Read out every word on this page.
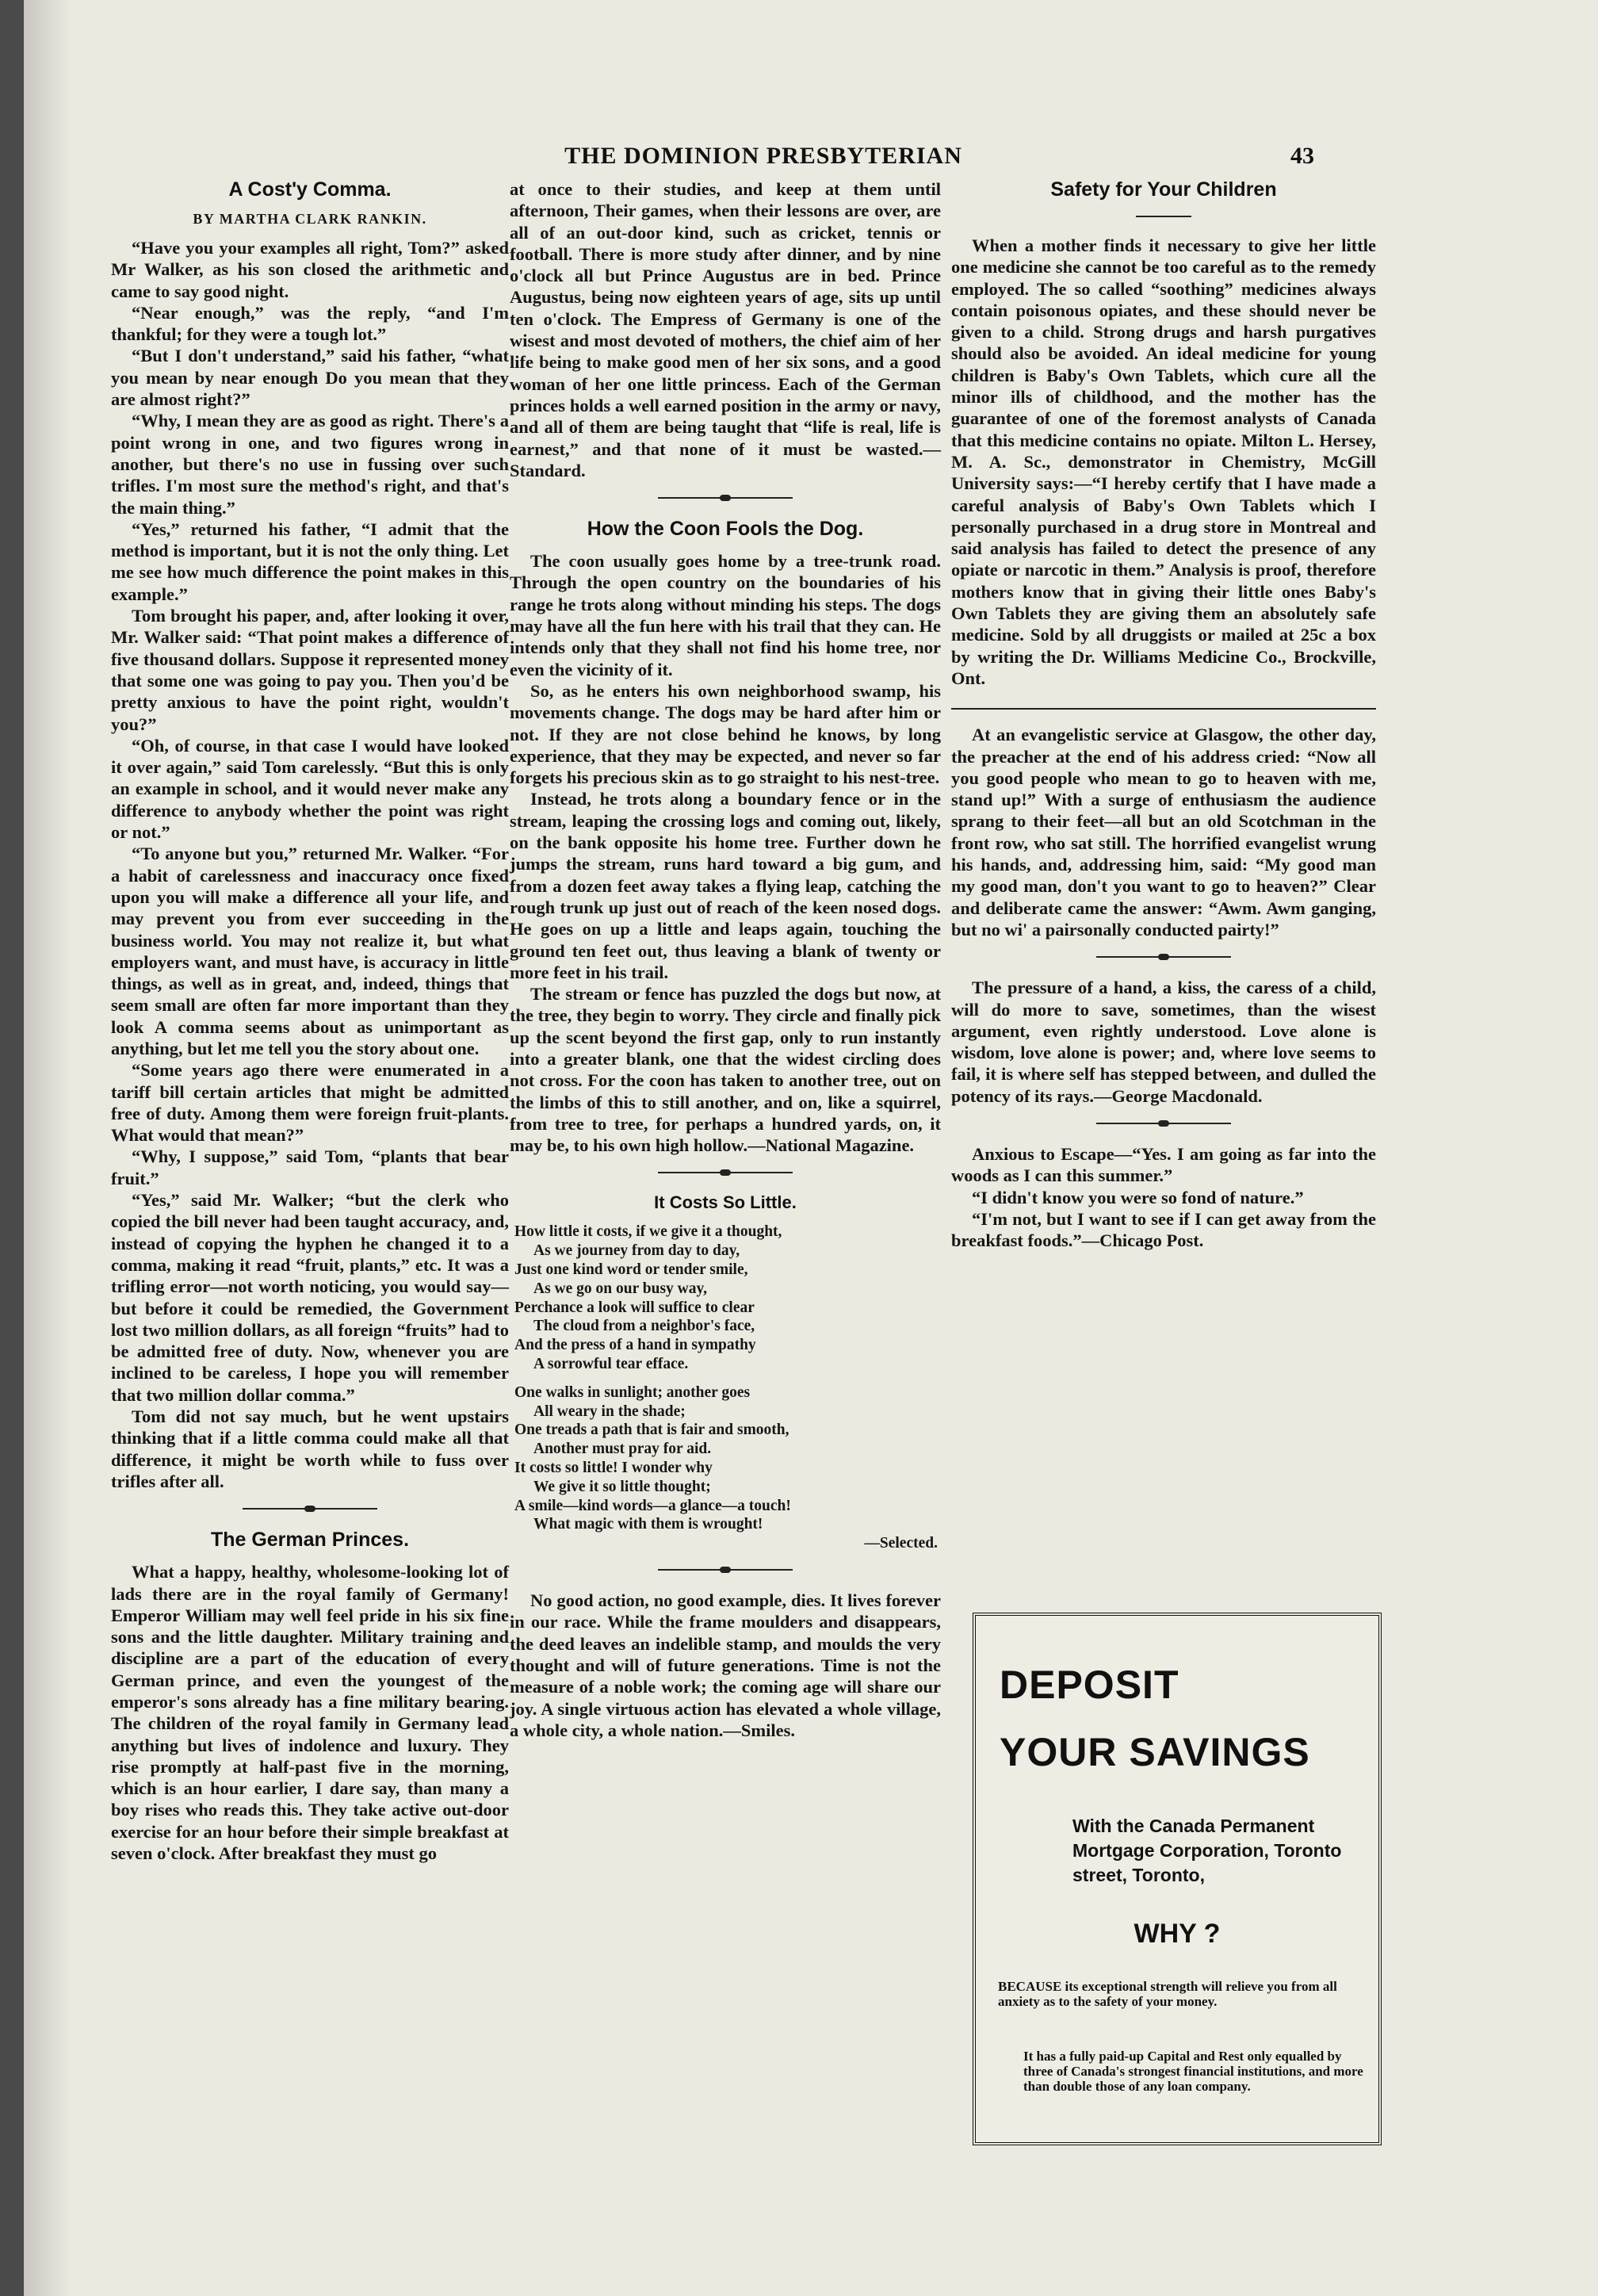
THE DOMINION PRESBYTERIAN	43
A Cost'y Comma.
BY MARTHA CLARK RANKIN.

“Have you your examples all right, Tom?” asked Mr Walker, as his son closed the arithmetic and came to say good night.

“Near enough,” was the reply, “and I'm thankful; for they were a tough lot.”

“But I don't understand,” said his father, “what you mean by near enough Do you mean that they are almost right?”

“Why, I mean they are as good as right. There's a point wrong in one, and two figures wrong in another, but there's no use in fussing over such trifles. I'm most sure the method's right, and that's the main thing.”

“Yes,” returned his father, “I admit that the method is important, but it is not the only thing. Let me see how much difference the point makes in this example.”

Tom brought his paper, and, after looking it over, Mr. Walker said: “That point makes a difference of five thousand dollars. Suppose it represented money that some one was going to pay you. Then you'd be pretty anxious to have the point right, wouldn't you?”

“Oh, of course, in that case I would have looked it over again,” said Tom carelessly. “But this is only an example in school, and it would never make any difference to anybody whether the point was right or not.”

“To anyone but you,” returned Mr. Walker. “For a habit of carelessness and inaccuracy once fixed upon you will make a difference all your life, and may prevent you from ever succeeding in the business world. You may not realize it, but what employers want, and must have, is accuracy in little things, as well as in great, and, indeed, things that seem small are often far more important than they look A comma seems about as unimportant as anything, but let me tell you the story about one.

“Some years ago there were enumerated in a tariff bill certain articles that might be admitted free of duty. Among them were foreign fruit-plants. What would that mean?”

“Why, I suppose,” said Tom, “plants that bear fruit.”

“Yes,” said Mr. Walker; “but the clerk who copied the bill never had been taught accuracy, and, instead of copying the hyphen he changed it to a comma, making it read “fruit, plants,” etc. It was a trifling error—not worth noticing, you would say—but before it could be remedied, the Government lost two million dollars, as all foreign “fruits” had to be admitted free of duty. Now, whenever you are inclined to be careless, I hope you will remember that two million dollar comma.”

Tom did not say much, but he went upstairs thinking that if a little comma could make all that difference, it might be worth while to fuss over trifles after all.

The German Princes.

What a happy, healthy, wholesome-looking lot of lads there are in the royal family of Germany! Emperor William may well feel pride in his six fine sons and the little daughter. Military training and discipline are a part of the education of every German prince, and even the youngest of the emperor's sons already has a fine military bearing. The children of the royal family in Germany lead anything but lives of indolence and luxury. They rise promptly at half-past five in the morning, which is an hour earlier, I dare say, than many a boy rises who reads this. They take active out-door exercise for an hour before their simple breakfast at seven o'clock. After breakfast they must go

at once to their studies, and keep at them until afternoon, Their games, when their lessons are over, are all of an out-door kind, such as cricket, tennis or football. There is more study after dinner, and by nine o'clock all but Prince Augustus are in bed. Prince Augustus, being now eighteen years of age, sits up until ten o'clock. The Empress of Germany is one of the wisest and most devoted of mothers, the chief aim of her life being to make good men of her six sons, and a good woman of her one little princess. Each of the German princes holds a well earned position in the army or navy, and all of them are being taught that “life is real, life is earnest,” and that none of it must be wasted.—Standard.

How the Coon Fools the Dog.

The coon usually goes home by a tree-trunk road. Through the open country on the boundaries of his range he trots along without minding his steps. The dogs may have all the fun here with his trail that they can. He intends only that they shall not find his home tree, nor even the vicinity of it.

So, as he enters his own neighborhood swamp, his movements change. The dogs may be hard after him or not. If they are not close behind he knows, by long experience, that they may be expected, and never so far forgets his precious skin as to go straight to his nest-tree.

Instead, he trots along a boundary fence or in the stream, leaping the crossing logs and coming out, likely, on the bank opposite his home tree. Further down he jumps the stream, runs hard toward a big gum, and from a dozen feet away takes a flying leap, catching the rough trunk up just out of reach of the keen nosed dogs. He goes on up a little and leaps again, touching the ground ten feet out, thus leaving a blank of twenty or more feet in his trail.

The stream or fence has puzzled the dogs but now, at the tree, they begin to worry. They circle and finally pick up the scent beyond the first gap, only to run instantly into a greater blank, one that the widest circling does not cross. For the coon has taken to another tree, out on the limbs of this to still another, and on, like a squirrel, from tree to tree, for perhaps a hundred yards, on, it may be, to his own high hollow.—National Magazine.

It Costs So Little.
How little it costs, if we give it a thought,
As we journey from day to day,
Just one kind word or tender smile,
As we go on our busy way,
Perchance a look will suffice to clear
The cloud from a neighbor's face,
And the press of a hand in sympathy
A sorrowful tear efface.
One walks in sunlight; another goes
All weary in the shade;
One treads a path that is fair and smooth,
Another must pray for aid.
It costs so little! I wonder why
We give it so little thought;
A smile—kind words—a glance—a touch!
What magic with them is wrought!
—Selected.

No good action, no good example, dies. It lives forever in our race. While the frame moulders and disappears, the deed leaves an indelible stamp, and moulds the very thought and will of future generations. Time is not the measure of a noble work; the coming age will share our joy. A single virtuous action has elevated a whole village, a whole city, a whole nation.—Smiles.

Safety for Your Children

When a mother finds it necessary to give her little one medicine she cannot be too careful as to the remedy employed. The so called “soothing” medicines always contain poisonous opiates, and these should never be given to a child. Strong drugs and harsh purgatives should also be avoided. An ideal medicine for young children is Baby's Own Tablets, which cure all the minor ills of childhood, and the mother has the guarantee of one of the foremost analysts of Canada that this medicine contains no opiate. Milton L. Hersey, M. A. Sc., demonstrator in Chemistry, McGill University says:—“I hereby certify that I have made a careful analysis of Baby's Own Tablets which I personally purchased in a drug store in Montreal and said analysis has failed to detect the presence of any opiate or narcotic in them.” Analysis is proof, therefore mothers know that in giving their little ones Baby's Own Tablets they are giving them an absolutely safe medicine. Sold by all druggists or mailed at 25c a box by writing the Dr. Williams Medicine Co., Brockville, Ont.

At an evangelistic service at Glasgow, the other day, the preacher at the end of his address cried: “Now all you good people who mean to go to heaven with me, stand up!” With a surge of enthusiasm the audience sprang to their feet—all but an old Scotchman in the front row, who sat still. The horrified evangelist wrung his hands, and, addressing him, said: “My good man my good man, don't you want to go to heaven?” Clear and deliberate came the answer: “Awm. Awm ganging, but no wi' a pairsonally conducted pairty!”

The pressure of a hand, a kiss, the caress of a child, will do more to save, sometimes, than the wisest argument, even rightly understood. Love alone is wisdom, love alone is power; and, where love seems to fail, it is where self has stepped between, and dulled the potency of its rays.—George Macdonald.

Anxious to Escape—“Yes. I am going as far into the woods as I can this summer.”

“I didn't know you were so fond of nature.”

“I'm not, but I want to see if I can get away from the breakfast foods.”—Chicago Post.

DEPOSIT
YOUR SAVINGS
With the Canada Permanent Mortgage Corporation, Toronto street, Toronto,
WHY ?
BECAUSE its exceptional strength will relieve you from all anxiety as to the safety of your money.
It has a fully paid-up Capital and Rest only equalled by three of Canada's strongest financial institutions, and more than double those of any loan company.
